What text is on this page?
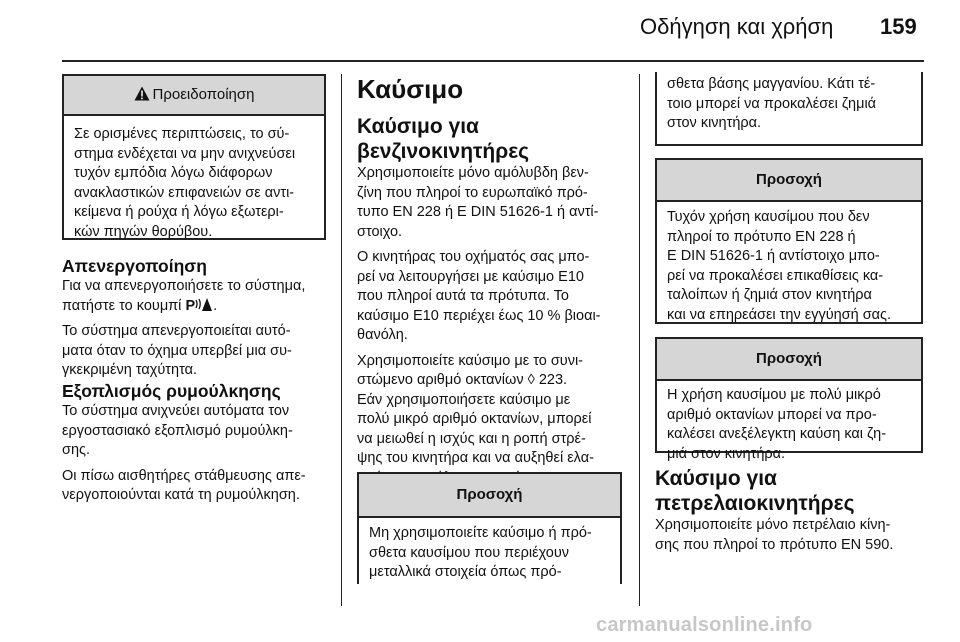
Οδήγηση και χρήση 159
Προειδοποίηση

Σε ορισμένες περιπτώσεις, το σύ-

στημα ενδέχεται να μην ανιχνεύσει

τυχόν εμπόδια λόγω διάφορων

ανακλαστικών επιφανειών σε αντι-

κείμενα ή ρούχα ή λόγω εξωτερι-

κών πηγών θορύβου.

Απενεργοποίηση

Για να απενεργοποιήσετε το σύστημα,

πατήστε το κουμπί P .

Το σύστημα απενεργοποιείται αυτό-
ματα όταν το όχημα υπερβεί μια συ-
γκεκριμένη ταχύτητα.

Εξοπλισμός ρυμούλκησης

Το σύστημα ανιχνεύει αυτόματα τον
εργοστασιακό εξοπλισμό ρυμούλκη-
σης.

Οι πίσω αισθητήρες στάθμευσης απε-
νεργοποιούνται κατά τη ρυμούλκηση.

Καύσιμο
Καύσιμο για
βενζινοκινητήρες

Χρησιμοποιείτε μόνο αμόλυβδη βεν-
ζίνη που πληροί το ευρωπαϊκό πρό-
τυπο EN 228 ή E DIN 51626-1 ή αντί-
στοιχο.

Ο κινητήρας του οχήματός σας μπο-
ρεί να λειτουργήσει με καύσιμο E10
που πληροί αυτά τα πρότυπα. Το
καύσιμο E10 περιέχει έως 10 % βιοαι-
θανόλη.

Χρησιμοποιείτε καύσιμο με το συνι-
στώμενο αριθμό οκτανίων ◊ 223.
Εάν χρησιμοποιήσετε καύσιμο με
πολύ μικρό αριθμό οκτανίων, μπορεί
να μειωθεί η ισχύς και η ροπή στρέ-
ψης του κινητήρα και να αυξηθεί ελα-

Προσοχή

Μη χρησιμοποιείτε καύσιμο ή πρό-

σθετα καυσίμου που περιέχουν

μεταλλικά στοιχεία όπως πρό-

σθετα βάσης μαγγανίου. Κάτι τέ-

τοιο μπορεί να προκαλέσει ζημιά

στον κινητήρα.

Προσοχή

Τυχόν χρήση καυσίμου που δεν

πληροί το πρότυπο EN 228 ή

E DIN 51626-1 ή αντίστοιχο μπο-

ρεί να προκαλέσει επικαθίσεις κα-

ταλοίπων ή ζημιά στον κινητήρα

και να επηρεάσει την εγγύησή σας.

Προσοχή

Η χρήση καυσίμου με πολύ μικρό

αριθμό οκτανίων μπορεί να προ-

καλέσει ανεξέλεγκτη καύση και ζη-

μιά στον κινητήρα.

Καύσιμο για
πετρελαιοκινητήρες

Χρησιμοποιείτε μόνο πετρέλαιο κίνη-
σης που πληροί το πρότυπο EN 590.

carmanualsonline.info
